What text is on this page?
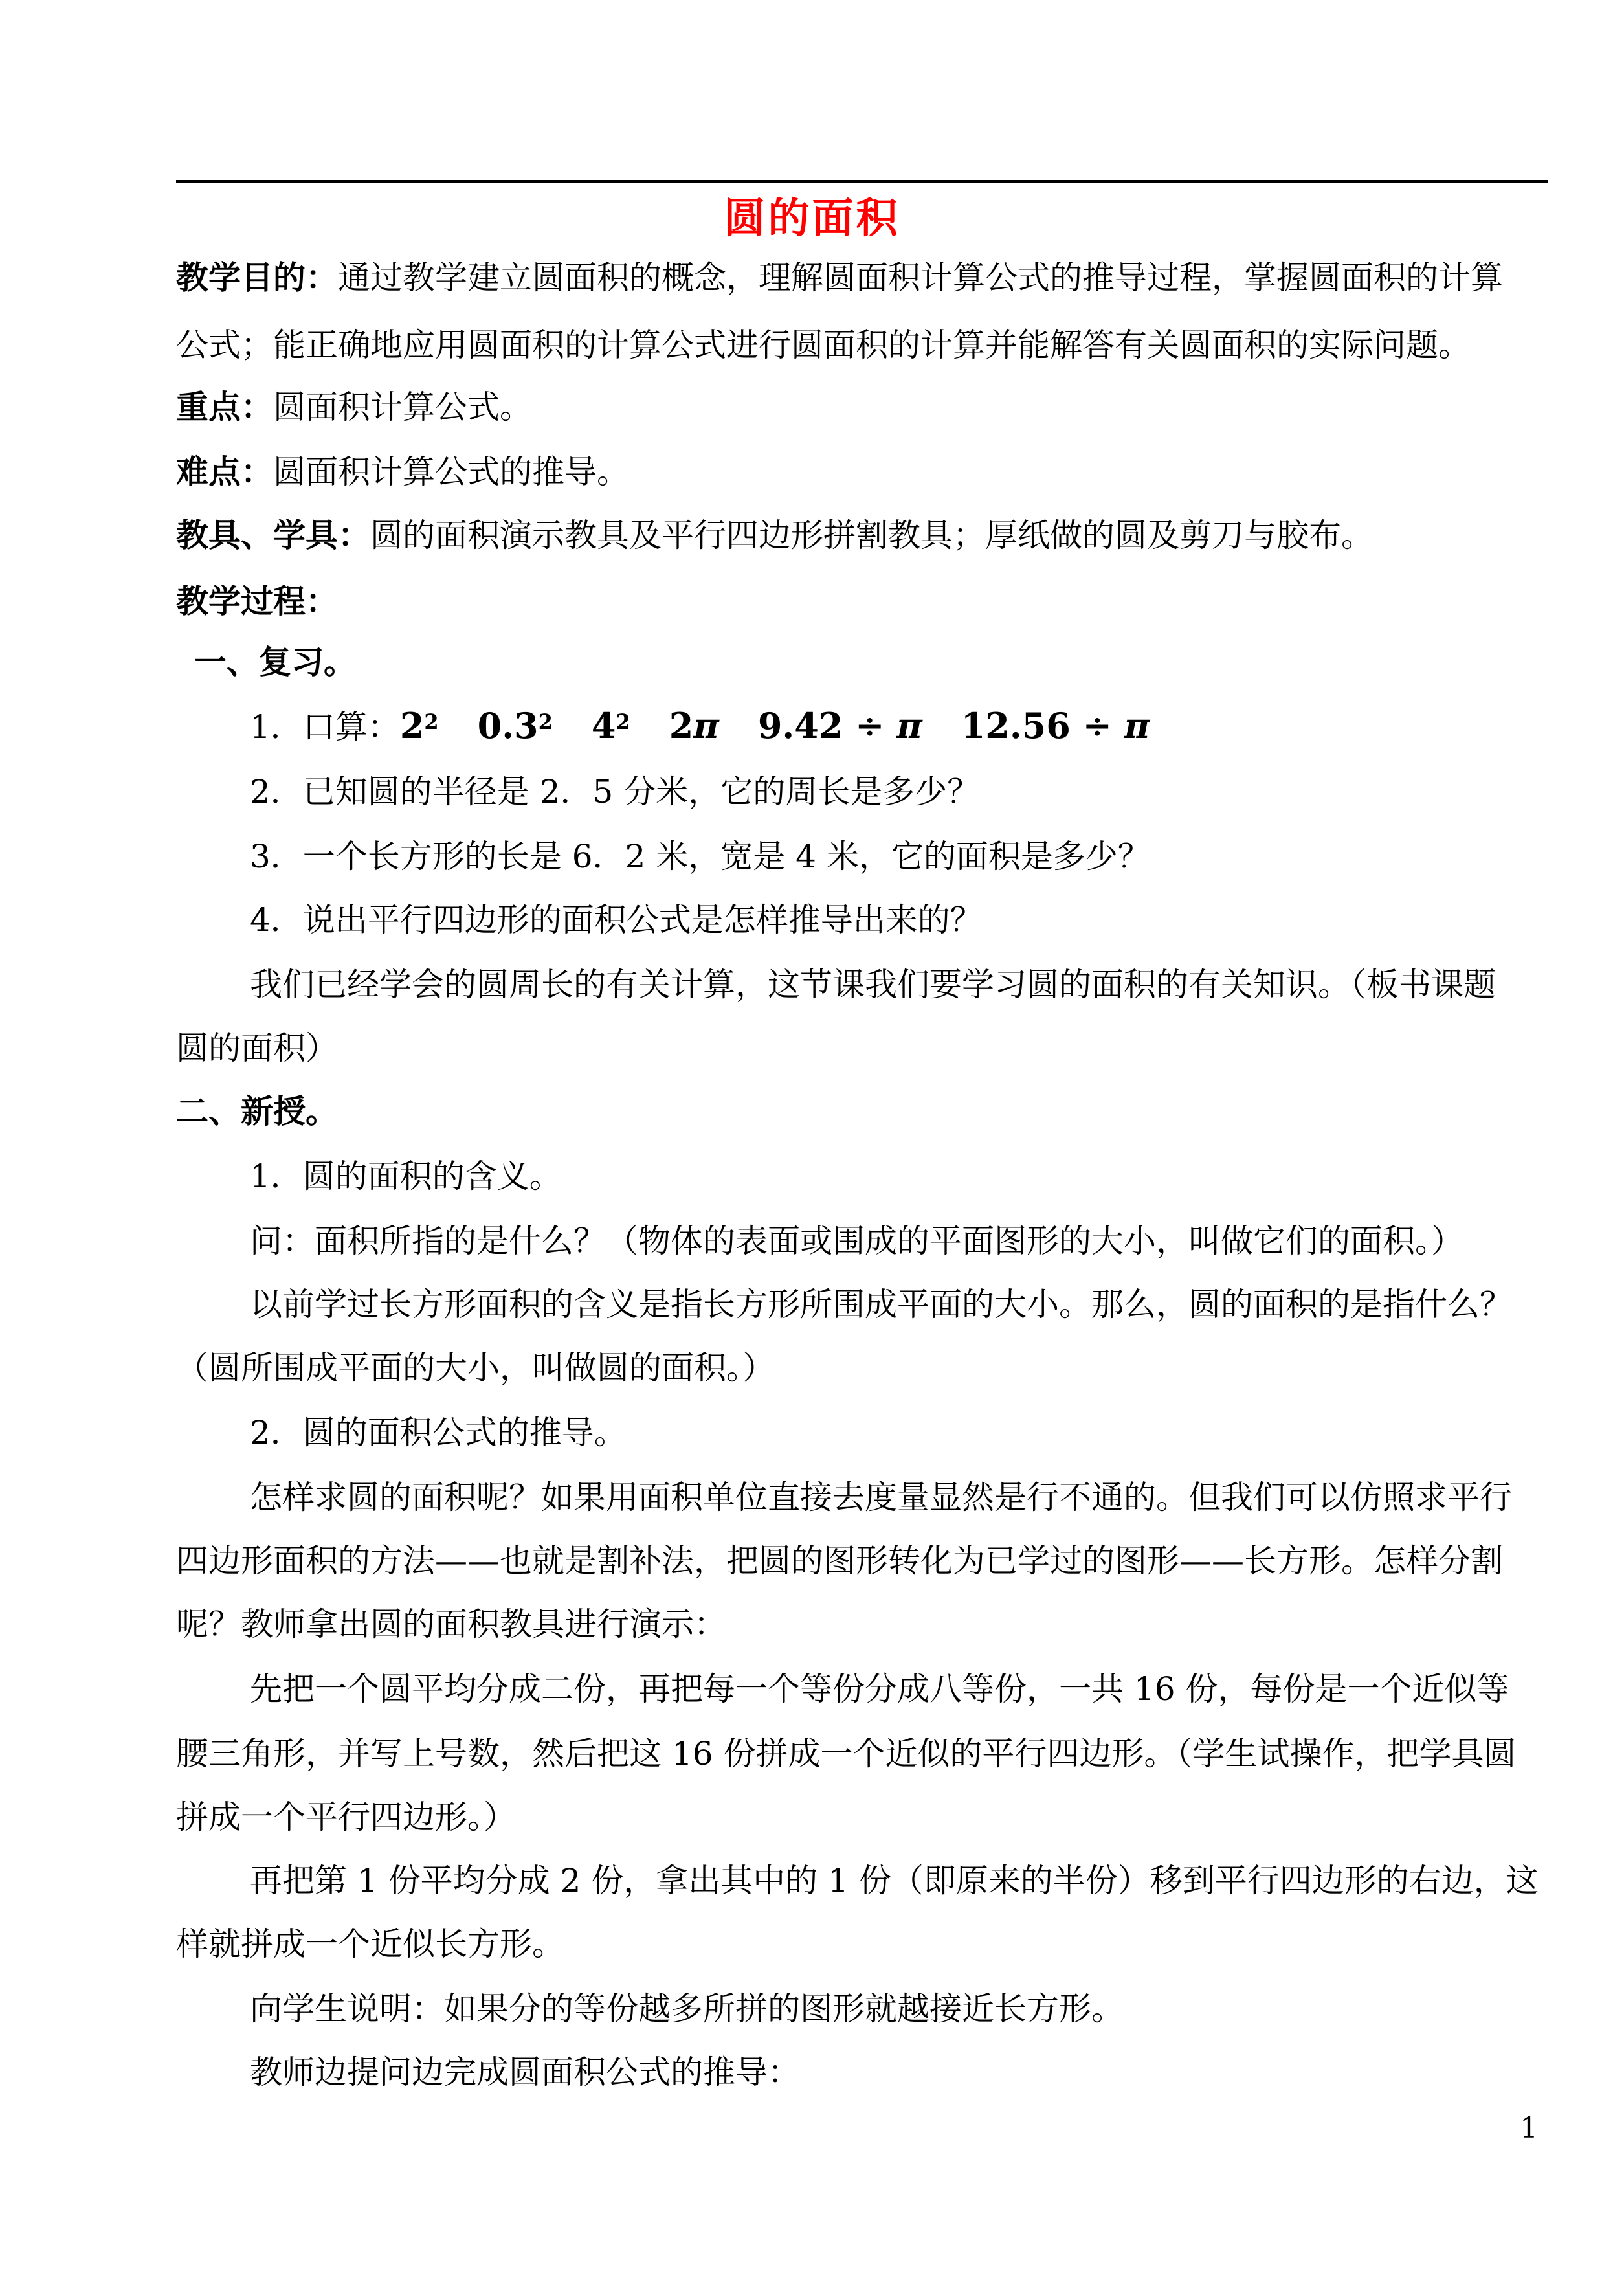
圆的面积
教学目的：通过教学建立圆面积的概念，理解圆面积计算公式的推导过程，掌握圆面积的计算
公式；能正确地应用圆面积的计算公式进行圆面积的计算并能解答有关圆面积的实际问题。
重点：圆面积计算公式。
难点：圆面积计算公式的推导。
教具、学具：圆的面积演示教具及平行四边形拼割教具；厚纸做的圆及剪刀与胶布。
教学过程：
一、复习。
1．口算：$2^2$ $0.3^2$ $4^2$ 2π 9.42 ÷ π 12.56 ÷ π
2．已知圆的半径是 2．5 分米，它的周长是多少？
3．一个长方形的长是 6．2 米，宽是 4 米，它的面积是多少？
4．说出平行四边形的面积公式是怎样推导出来的？
我们已经学会的圆周长的有关计算，这节课我们要学习圆的面积的有关知识。（板书课题
圆的面积）
二、新授。
1．圆的面积的含义。
问：面积所指的是什么？（物体的表面或围成的平面图形的大小，叫做它们的面积。）
以前学过长方形面积的含义是指长方形所围成平面的大小。那么，圆的面积的是指什么？
（圆所围成平面的大小，叫做圆的面积。）
2．圆的面积公式的推导。
怎样求圆的面积呢？如果用面积单位直接去度量显然是行不通的。但我们可以仿照求平行
四边形面积的方法——也就是割补法，把圆的图形转化为已学过的图形——长方形。怎样分割
呢？教师拿出圆的面积教具进行演示：
先把一个圆平均分成二份，再把每一个等份分成八等份，一共 16 份，每份是一个近似等
腰三角形，并写上号数，然后把这 16 份拼成一个近似的平行四边形。（学生试操作，把学具圆
拼成一个平行四边形。）
再把第 1 份平均分成 2 份，拿出其中的 1 份（即原来的半份）移到平行四边形的右边，这
样就拼成一个近似长方形。
向学生说明：如果分的等份越多所拼的图形就越接近长方形。
教师边提问边完成圆面积公式的推导：
1
